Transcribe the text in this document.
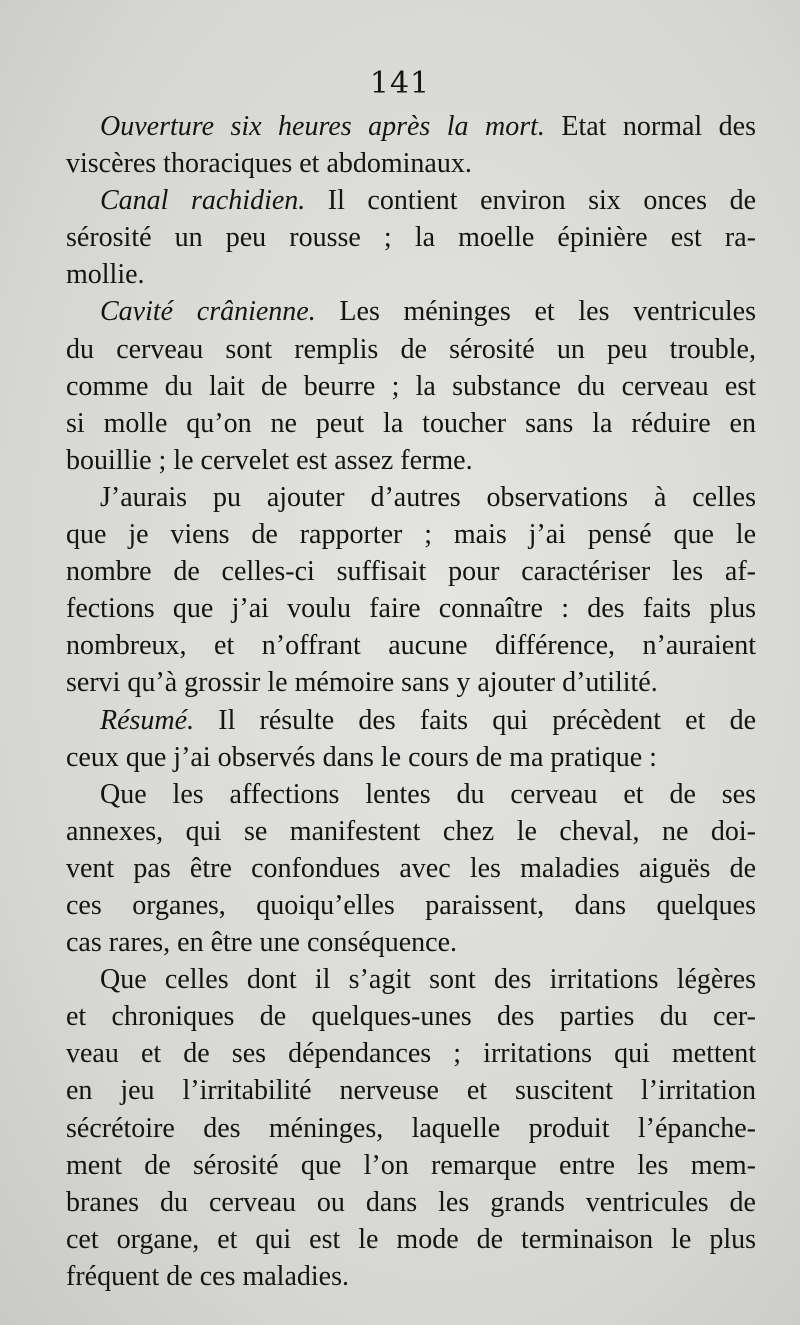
141
Ouverture six heures après la mort. Etat normal des
viscères thoraciques et abdominaux.
Canal rachidien. Il contient environ six onces de
sérosité un peu rousse ; la moelle épinière est ra-
mollie.
Cavité crânienne. Les méninges et les ventricules
du cerveau sont remplis de sérosité un peu trouble,
comme du lait de beurre ; la substance du cerveau est
si molle qu’on ne peut la toucher sans la réduire en
bouillie ; le cervelet est assez ferme.
J’aurais pu ajouter d’autres observations à celles
que je viens de rapporter ; mais j’ai pensé que le
nombre de celles-ci suffisait pour caractériser les af-
fections que j’ai voulu faire connaître : des faits plus
nombreux, et n’offrant aucune différence, n’auraient
servi qu’à grossir le mémoire sans y ajouter d’utilité.
Résumé. Il résulte des faits qui précèdent et de
ceux que j’ai observés dans le cours de ma pratique :
Que les affections lentes du cerveau et de ses
annexes, qui se manifestent chez le cheval, ne doi-
vent pas être confondues avec les maladies aiguës de
ces organes, quoiqu’elles paraissent, dans quelques
cas rares, en être une conséquence.
Que celles dont il s’agit sont des irritations légères
et chroniques de quelques-unes des parties du cer-
veau et de ses dépendances ; irritations qui mettent
en jeu l’irritabilité nerveuse et suscitent l’irritation
sécrétoire des méninges, laquelle produit l’épanche-
ment de sérosité que l’on remarque entre les mem-
branes du cerveau ou dans les grands ventricules de
cet organe, et qui est le mode de terminaison le plus
fréquent de ces maladies.
